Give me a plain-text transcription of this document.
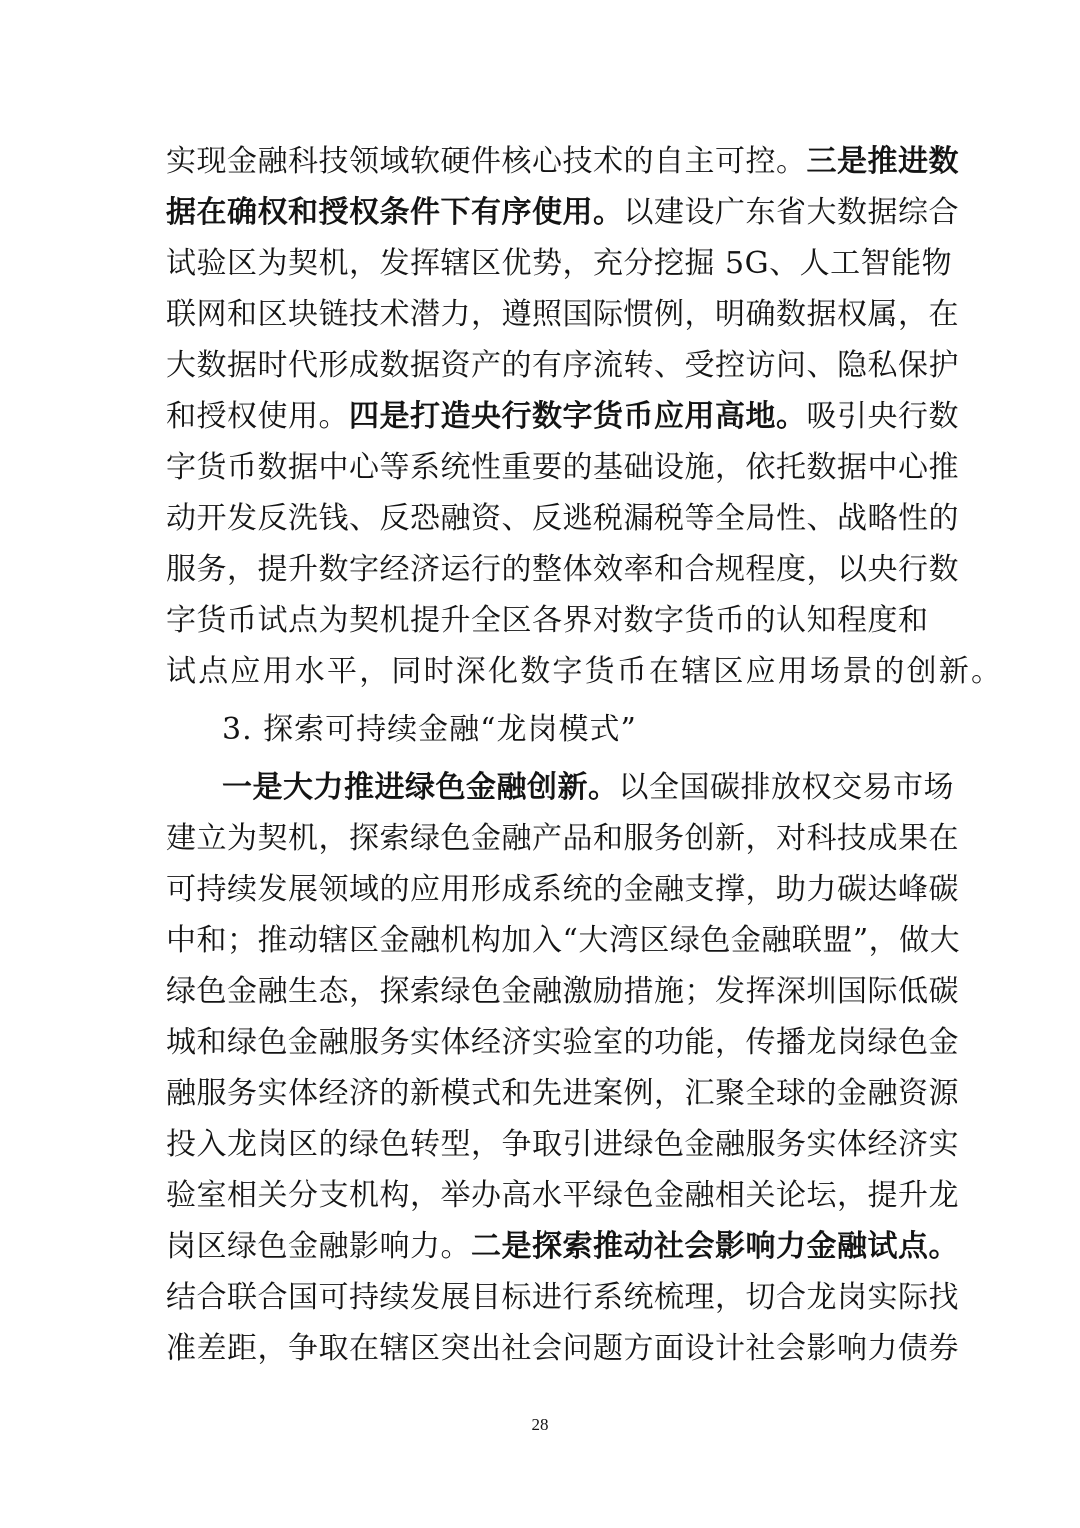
实现金融科技领域软硬件核心技术的自主可控。三是推进数
据在确权和授权条件下有序使用。以建设广东省大数据综合
试验区为契机，发挥辖区优势，充分挖掘 5G、人工智能物
联网和区块链技术潜力，遵照国际惯例，明确数据权属，在
大数据时代形成数据资产的有序流转、受控访问、隐私保护
和授权使用。四是打造央行数字货币应用高地。吸引央行数
字货币数据中心等系统性重要的基础设施，依托数据中心推
动开发反洗钱、反恐融资、反逃税漏税等全局性、战略性的
服务，提升数字经济运行的整体效率和合规程度，以央行数
字货币试点为契机提升全区各界对数字货币的认知程度和
试点应用水平，同时深化数字货币在辖区应用场景的创新。
3. 探索可持续金融“龙岗模式”
一是大力推进绿色金融创新。以全国碳排放权交易市场
建立为契机，探索绿色金融产品和服务创新，对科技成果在
可持续发展领域的应用形成系统的金融支撑，助力碳达峰碳
中和；推动辖区金融机构加入“大湾区绿色金融联盟”，做大
绿色金融生态，探索绿色金融激励措施；发挥深圳国际低碳
城和绿色金融服务实体经济实验室的功能，传播龙岗绿色金
融服务实体经济的新模式和先进案例，汇聚全球的金融资源
投入龙岗区的绿色转型，争取引进绿色金融服务实体经济实
验室相关分支机构，举办高水平绿色金融相关论坛，提升龙
岗区绿色金融影响力。二是探索推动社会影响力金融试点。
结合联合国可持续发展目标进行系统梳理，切合龙岗实际找
准差距，争取在辖区突出社会问题方面设计社会影响力债券
28
